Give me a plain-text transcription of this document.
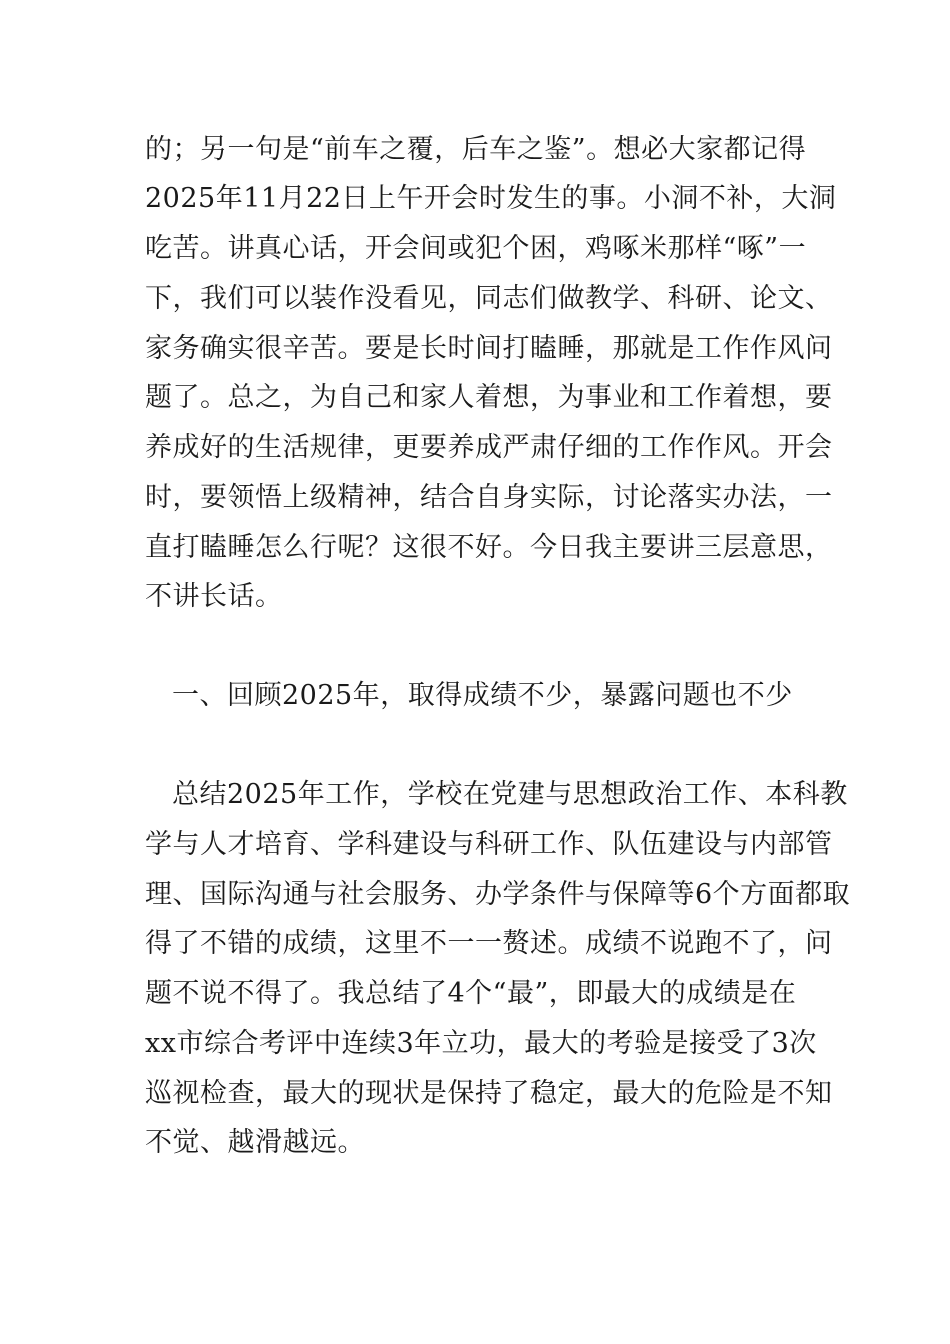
的；另一句是“前车之覆，后车之鉴”。想必大家都记得
2025年11月22日上午开会时发生的事。小洞不补，大洞
吃苦。讲真心话，开会间或犯个困，鸡啄米那样“啄”一
下，我们可以装作没看见，同志们做教学、科研、论文、
家务确实很辛苦。要是长时间打瞌睡，那就是工作作风问
题了。总之，为自己和家人着想，为事业和工作着想，要
养成好的生活规律，更要养成严肃仔细的工作作风。开会
时，要领悟上级精神，结合自身实际，讨论落实办法，一
直打瞌睡怎么行呢？这很不好。今日我主要讲三层意思，
不讲长话。
一、回顾2025年，取得成绩不少，暴露问题也不少
总结2025年工作，学校在党建与思想政治工作、本科教
学与人才培育、学科建设与科研工作、队伍建设与内部管
理、国际沟通与社会服务、办学条件与保障等6个方面都取
得了不错的成绩，这里不一一赘述。成绩不说跑不了，问
题不说不得了。我总结了4个“最”，即最大的成绩是在
xx市综合考评中连续3年立功，最大的考验是接受了3次
巡视检查，最大的现状是保持了稳定，最大的危险是不知
不觉、越滑越远。
